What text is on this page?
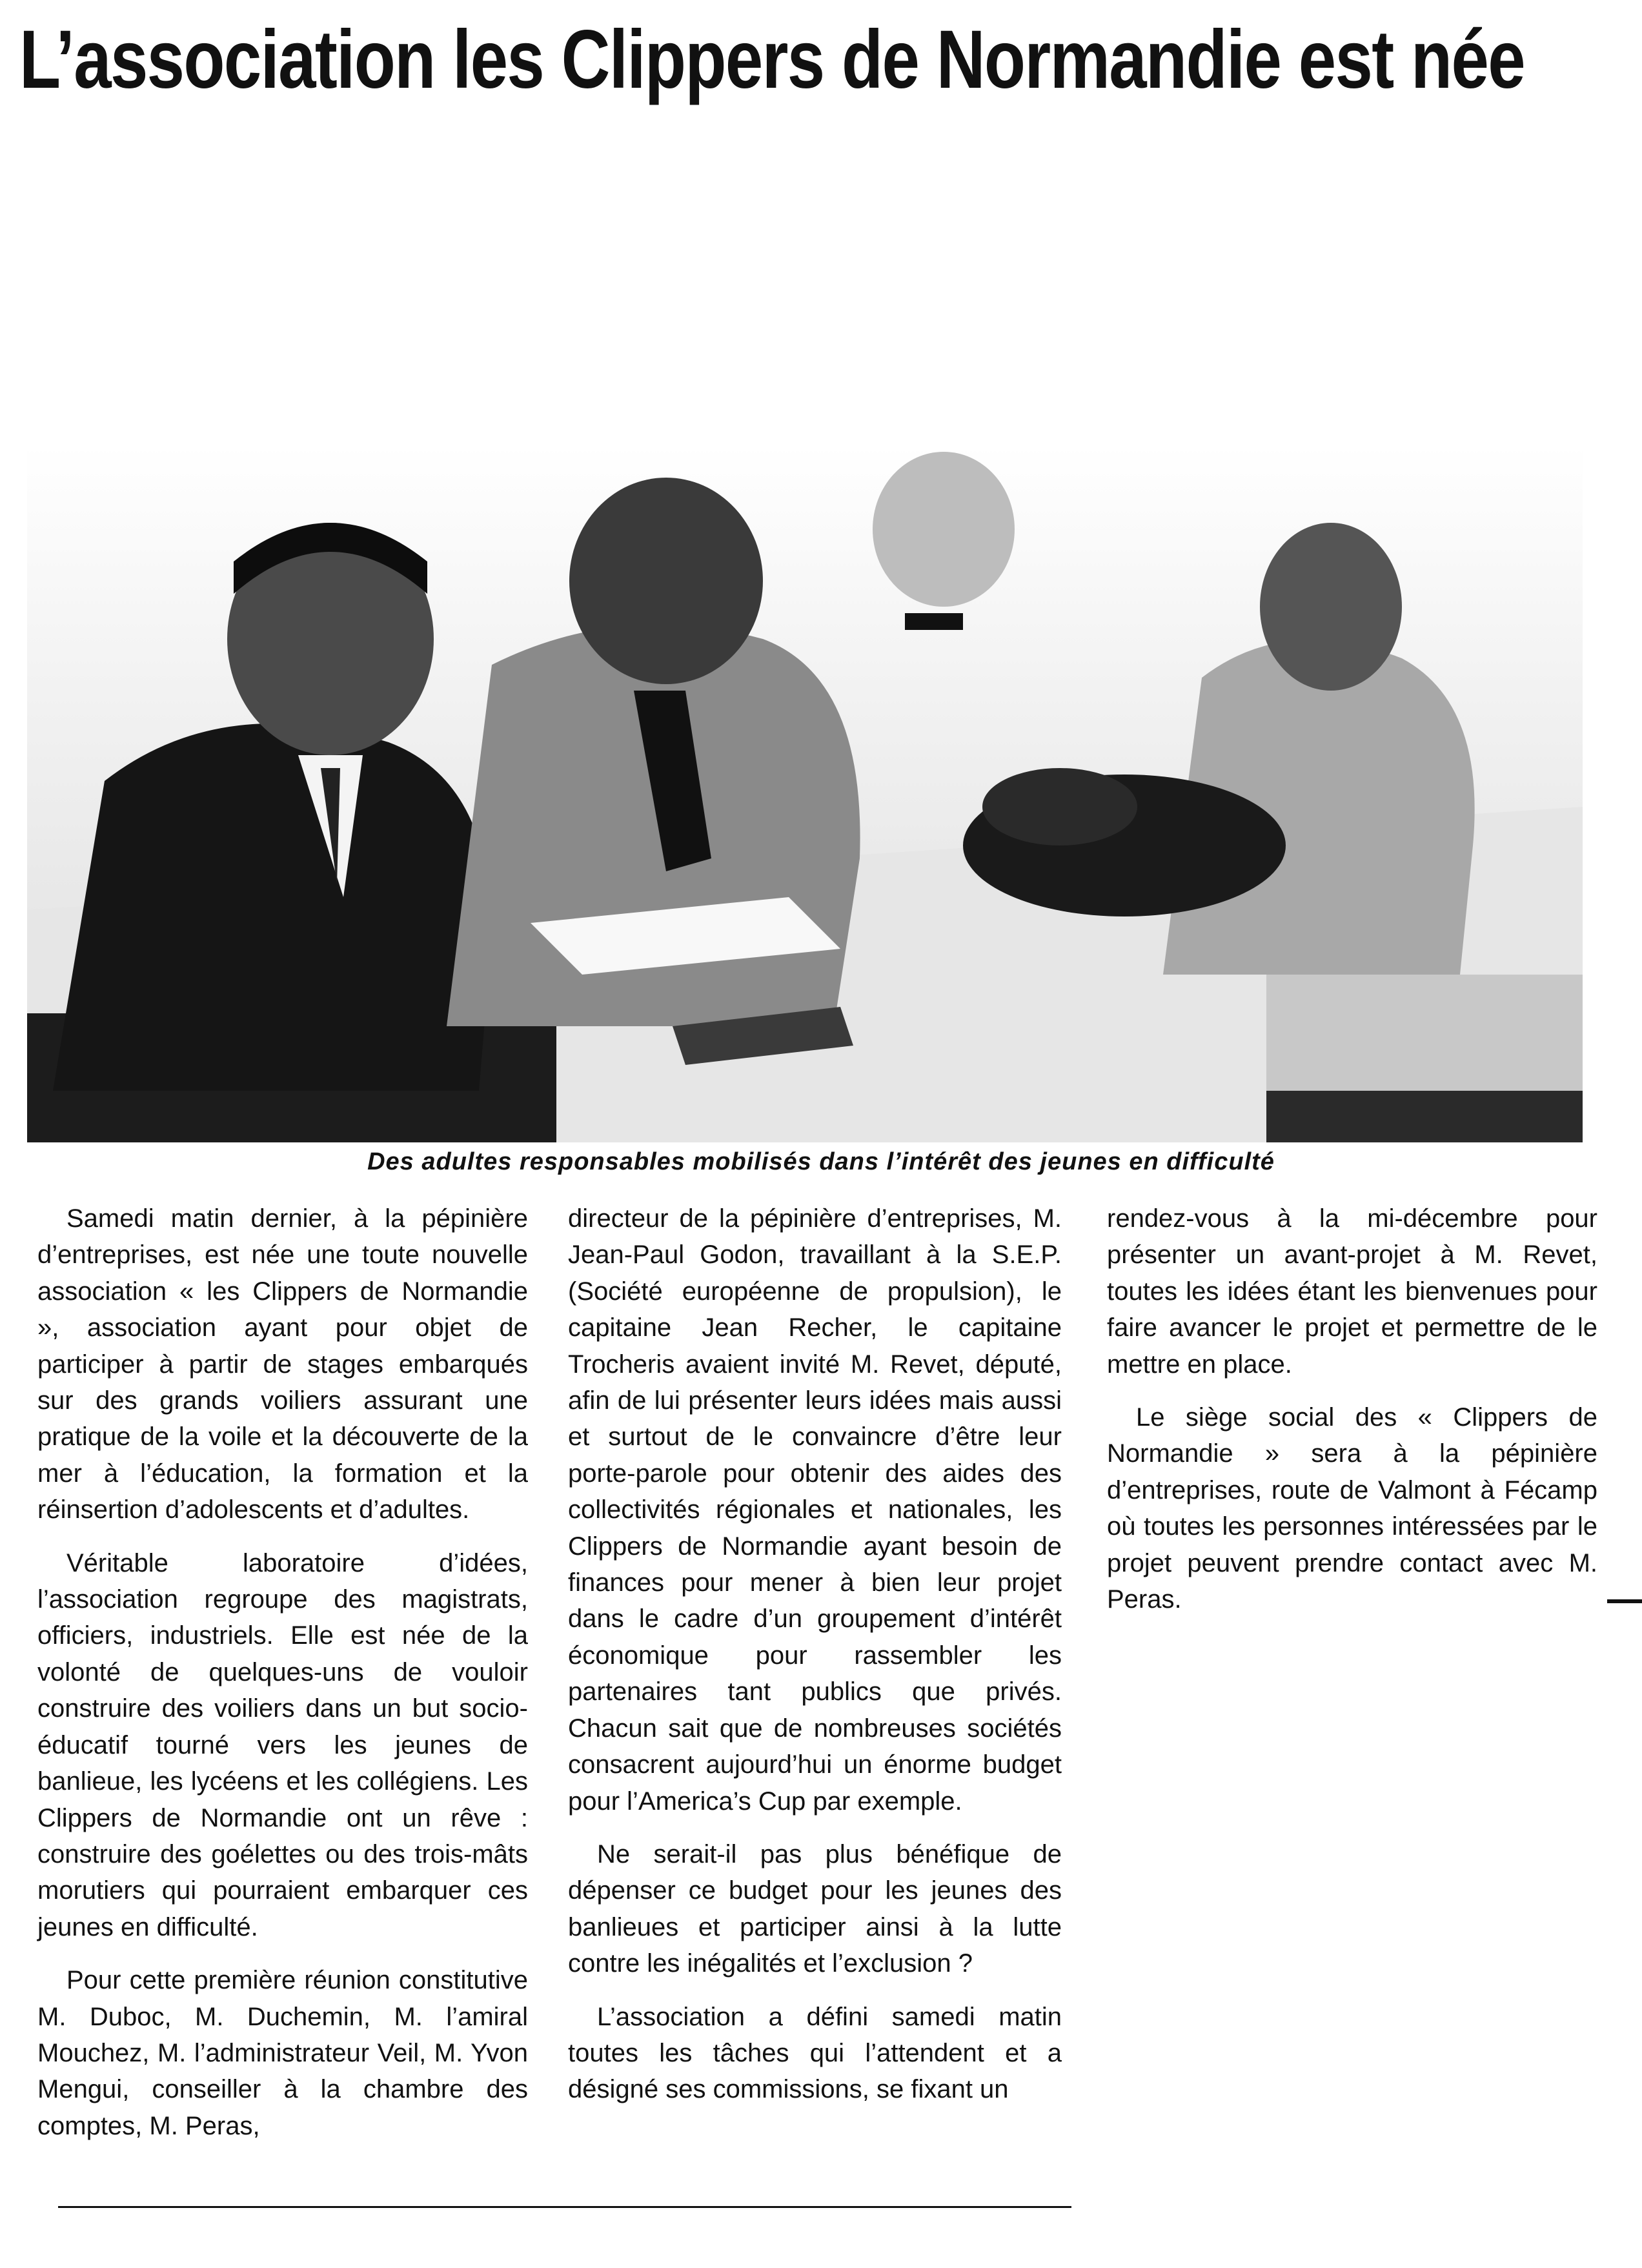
L’association les Clippers de Normandie est née
Des adultes responsables mobilisés dans l’intérêt des jeunes en difficulté

Samedi matin dernier, à la pépinière d’entreprises, est née une toute nouvelle association « les Clippers de Normandie », association ayant pour objet de participer à partir de stages embarqués sur des grands voiliers assurant une pratique de la voile et la découverte de la mer à l’éducation, la formation et la réinsertion d’adolescents et d’adultes.

Véritable laboratoire d’idées, l’association regroupe des magistrats, officiers, industriels. Elle est née de la volonté de quelques-uns de vouloir construire des voiliers dans un but socio-éducatif tourné vers les jeunes de banlieue, les lycéens et les collégiens. Les Clippers de Normandie ont un rêve : construire des goélettes ou des trois-mâts morutiers qui pourraient embarquer ces jeunes en difficulté.

Pour cette première réunion constitutive M. Duboc, M. Duchemin, M. l’amiral Mouchez, M. l’administrateur Veil, M. Yvon Mengui, conseiller à la chambre des comptes, M. Peras,

directeur de la pépinière d’entreprises, M. Jean-Paul Godon, travaillant à la S.E.P. (Société européenne de propulsion), le capitaine Jean Recher, le capitaine Trocheris avaient invité M. Revet, député, afin de lui présenter leurs idées mais aussi et surtout de le convaincre d’être leur porte-parole pour obtenir des aides des collectivités régionales et nationales, les Clippers de Normandie ayant besoin de finances pour mener à bien leur projet dans le cadre d’un groupement d’intérêt économique pour rassembler les partenaires tant publics que privés. Chacun sait que de nombreuses sociétés consacrent aujourd’hui un énorme budget pour l’America’s Cup par exemple.

Ne serait-il pas plus bénéfique de dépenser ce budget pour les jeunes des banlieues et participer ainsi à la lutte contre les inégalités et l’exclusion ?

L’association a défini samedi matin toutes les tâches qui l’attendent et a désigné ses commissions, se fixant un

rendez-vous à la mi-décembre pour présenter un avant-projet à M. Revet, toutes les idées étant les bienvenues pour faire avancer le projet et permettre de le mettre en place.

Le siège social des « Clippers de Normandie » sera à la pépinière d’entreprises, route de Valmont à Fécamp où toutes les personnes intéressées par le projet peuvent prendre contact avec M. Peras.
